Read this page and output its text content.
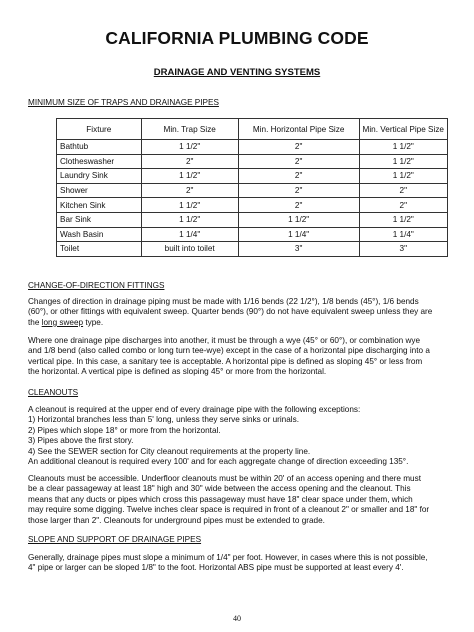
CALIFORNIA PLUMBING CODE
DRAINAGE AND VENTING SYSTEMS
MINIMUM SIZE OF TRAPS AND DRAINAGE PIPES
Fixture	Min. Trap Size	Min. Horizontal Pipe Size	Min. Vertical Pipe Size
Bathtub	1 1/2"	2"	1 1/2"
Clotheswasher	2"	2"	1 1/2"
Laundry Sink	1 1/2"	2"	1 1/2"
Shower	2"	2"	2"
Kitchen Sink	1 1/2"	2"	2"
Bar Sink	1 1/2"	1 1/2"	1 1/2"
Wash Basin	1 1/4"	1 1/4"	1 1/4"
Toilet	built into toilet	3"	3"
CHANGE-OF-DIRECTION FITTINGS
Changes of direction in drainage piping must be made with 1/16 bends (22 1/2°), 1/8 bends (45°), 1/6 bends
(60°), or other fittings with equivalent sweep. Quarter bends (90°) do not have equivalent sweep unless they are
the long sweep type.
Where one drainage pipe discharges into another, it must be through a wye (45° or 60°), or combination wye
and 1/8 bend (also called combo or long turn tee-wye) except in the case of a horizontal pipe discharging into a
vertical pipe. In this case, a sanitary tee is acceptable. A horizontal pipe is defined as sloping 45° or less from
the horizontal. A vertical pipe is defined as sloping 45° or more from the horizontal.
CLEANOUTS
A cleanout is required at the upper end of every drainage pipe with the following exceptions:
1) Horizontal branches less than 5' long, unless they serve sinks or urinals.
2) Pipes which slope 18° or more from the horizontal.
3) Pipes above the first story.
4) See the SEWER section for City cleanout requirements at the property line.
An additional cleanout is required every 100' and for each aggregate change of direction exceeding 135°.
Cleanouts must be accessible. Underfloor cleanouts must be within 20' of an access opening and there must
be a clear passageway at least 18" high and 30" wide between the access opening and the cleanout. This
means that any ducts or pipes which cross this passageway must have 18" clear space under them, which
may require some digging. Twelve inches clear space is required in front of a cleanout 2" or smaller and 18" for
those larger than 2". Cleanouts for underground pipes must be extended to grade.
SLOPE AND SUPPORT OF DRAINAGE PIPES
Generally, drainage pipes must slope a minimum of 1/4" per foot. However, in cases where this is not possible,
4" pipe or larger can be sloped 1/8" to the foot. Horizontal ABS pipe must be supported at least every 4'.
40
